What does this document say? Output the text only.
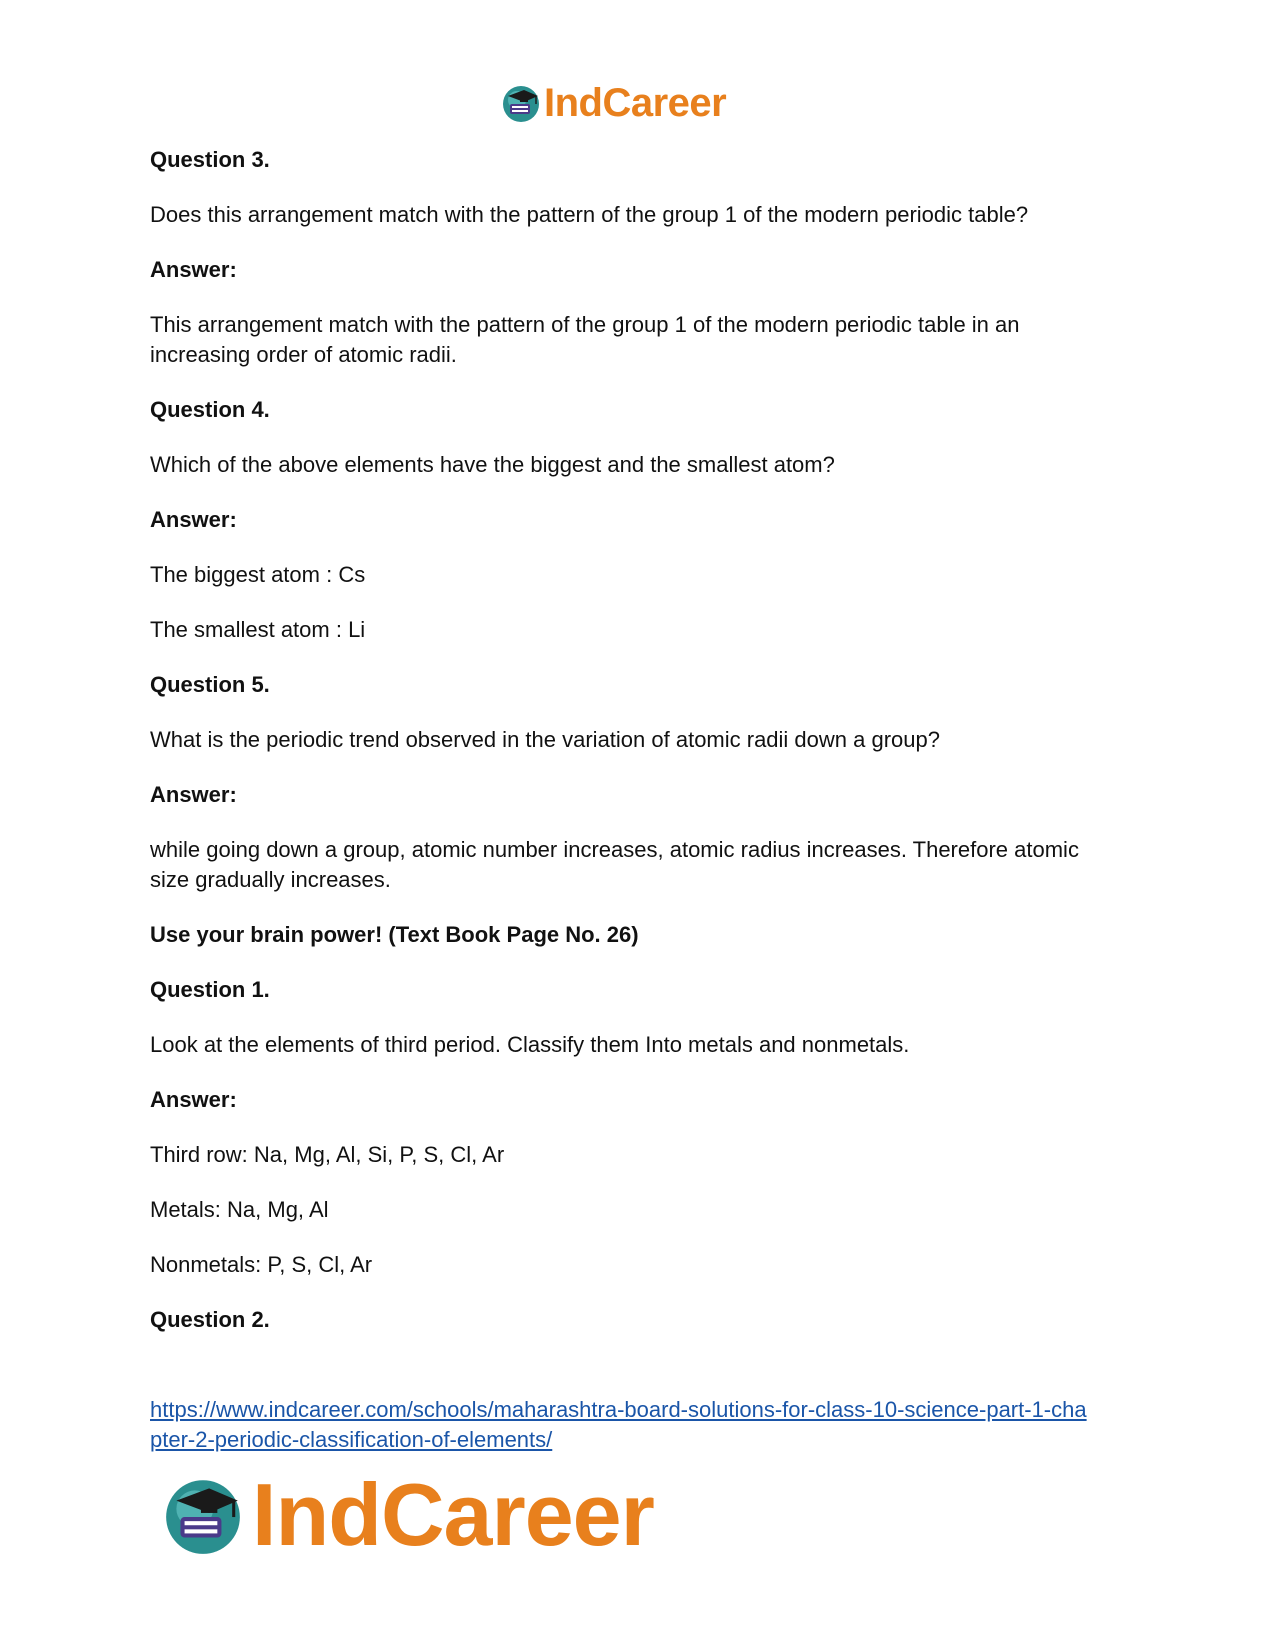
IndCareer

Question 3.

Does this arrangement match with the pattern of the group 1 of the modern periodic table?

Answer:

This arrangement match with the pattern of the group 1 of the modern periodic table in an

increasing order of atomic radii.

Question 4.

Which of the above elements have the biggest and the smallest atom?

Answer:

The biggest atom : Cs

The smallest atom : Li

Question 5.

What is the periodic trend observed in the variation of atomic radii down a group?

Answer:

while going down a group, atomic number increases, atomic radius increases. Therefore atomic

size gradually increases.

Use your brain power! (Text Book Page No. 26)

Question 1.

Look at the elements of third period. Classify them Into metals and nonmetals.

Answer:

Third row: Na, Mg, Al, Si, P, S, Cl, Ar

Metals: Na, Mg, Al

Nonmetals: P, S, Cl, Ar

Question 2.

https://www.indcareer.com/schools/maharashtra-board-solutions-for-class-10-science-part-1-cha
pter-2-periodic-classification-of-elements/
IndCareer
